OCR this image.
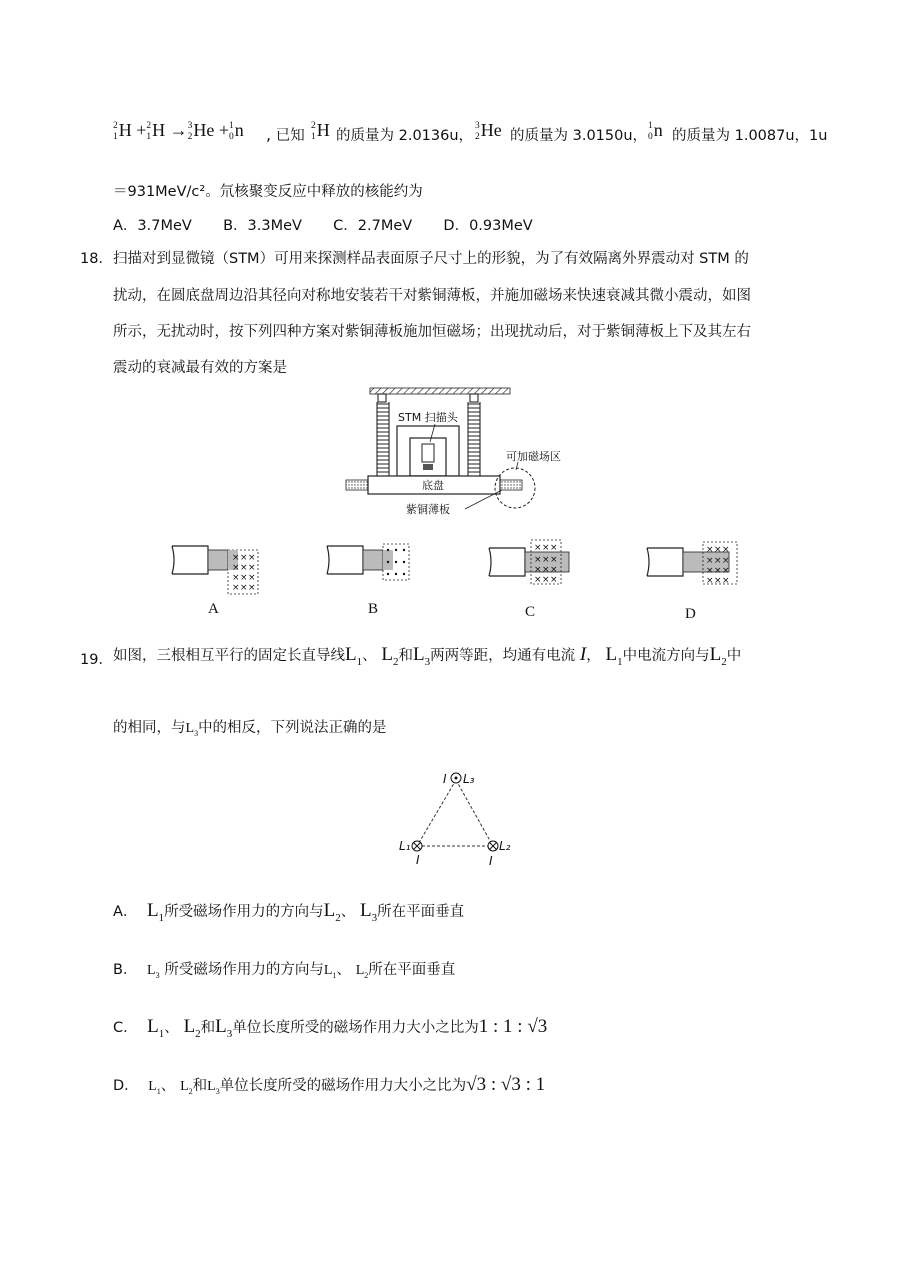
2
1 H + 2
1 H → 3
2 He + 1
0 n , 已知
2
1 H 的质量为 2.0136u，
3
2 He 的质量为 3.0150u，
1
0 n 的质量为 1.0087u，1u
＝931MeV/c²。氘核聚变反应中释放的核能约为
A．3.7MeV B．3.3MeV C．2.7MeV D．0.93MeV
18． 扫描对到显微镜（STM）可用来探测样品表面原子尺寸上的形貌，为了有效隔离外界震动对 STM 的
扰动，在圆底盘周边沿其径向对称地安装若干对紫铜薄板，并施加磁场来快速衰减其微小震动，如图
所示，无扰动时，按下列四种方案对紫铜薄板施加恒磁场；出现扰动后，对于紫铜薄板上下及其左右
震动的衰减最有效的方案是
STM 扫描头
底盘
可加磁场区
紫铜薄板
× × ×
× × ×
× × ×
× × ×
A	B
× × ×
× × ×
× × ×
× × ×
C
× × ×
× × ×
× × ×
× × ×
D
19． 如图，三根相互平行的固定长直导线$L_1$、 $L_2$和$L_3$两两等距，均通有电流 I， $L_1$中电流方向与$L_2$中
的相同，与$L_3$中的相反，下列说法正确的是
I L₃
L₁	L₂
I	I
A． $L_1$所受磁场作用力的方向与$L_2$、 $L_3$所在平面垂直
B． $L_3$ 所受磁场作用力的方向与$L_1$、 $L_2$所在平面垂直
C． $L_1$、 $L_2$和$L_3$单位长度所受的磁场作用力大小之比为1 : 1 : √3
D． $L_1$、 $L_2$和$L_3$单位长度所受的磁场作用力大小之比为√3 : √3 : 1
